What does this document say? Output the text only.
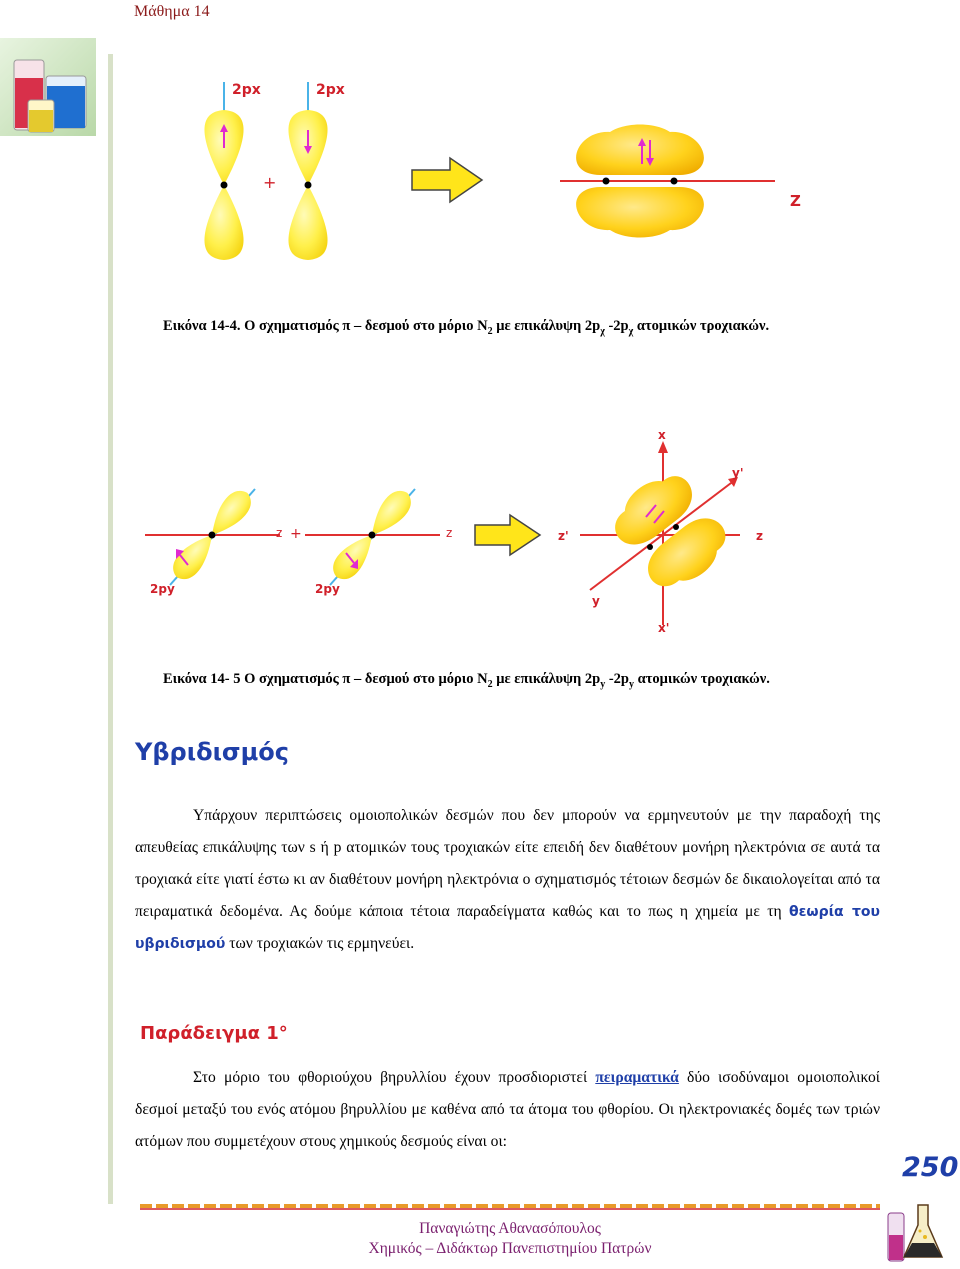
Μάθημα 14
2px
+
2px
Z
Εικόνα 14-4. Ο σχηματισμός π – δεσμού στο μόριο $N_2$ με επικάλυψη $2p_\chi$ $-2p_\chi$ ατομικών τροχιακών.
2py
z +
2py
z
x
y'
z'	z
y
x'
Εικόνα 14- 5 Ο σχηματισμός π – δεσμού στο μόριο $N_2$ με επικάλυψη $2p_y$ $-2p_y$ ατομικών τροχιακών.
Υβριδισμός

Υπάρχουν περιπτώσεις ομοιοπολικών δεσμών που δεν μπορούν να ερμηνευτούν με την παραδοχή της απευθείας επικάλυψης των s ή p ατομικών τους τροχιακών είτε επειδή δεν διαθέτουν μονήρη ηλεκτρόνια σε αυτά τα τροχιακά είτε γιατί έστω κι αν διαθέτουν μονήρη ηλεκτρόνια ο σχηματισμός τέτοιων δεσμών δε δικαιολογείται από τα πειραματικά δεδομένα. Ας δούμε κάποια τέτοια παραδείγματα καθώς και το πως η χημεία με τη θεωρία του υβριδισμού των τροχιακών τις ερμηνεύει.

Παράδειγμα 1°

Στο μόριο του φθοριούχου βηρυλλίου έχουν προσδιοριστεί πειραματικά δύο ισοδύναμοι ομοιοπολικοί δεσμοί μεταξύ του ενός ατόμου βηρυλλίου με καθένα από τα άτομα του φθορίου. Οι ηλεκτρονιακές δομές των τριών ατόμων που συμμετέχουν στους χημικούς δεσμούς είναι οι:

250
Παναγιώτης Αθανασόπουλος
Χημικός – Διδάκτωρ Πανεπιστημίου Πατρών
